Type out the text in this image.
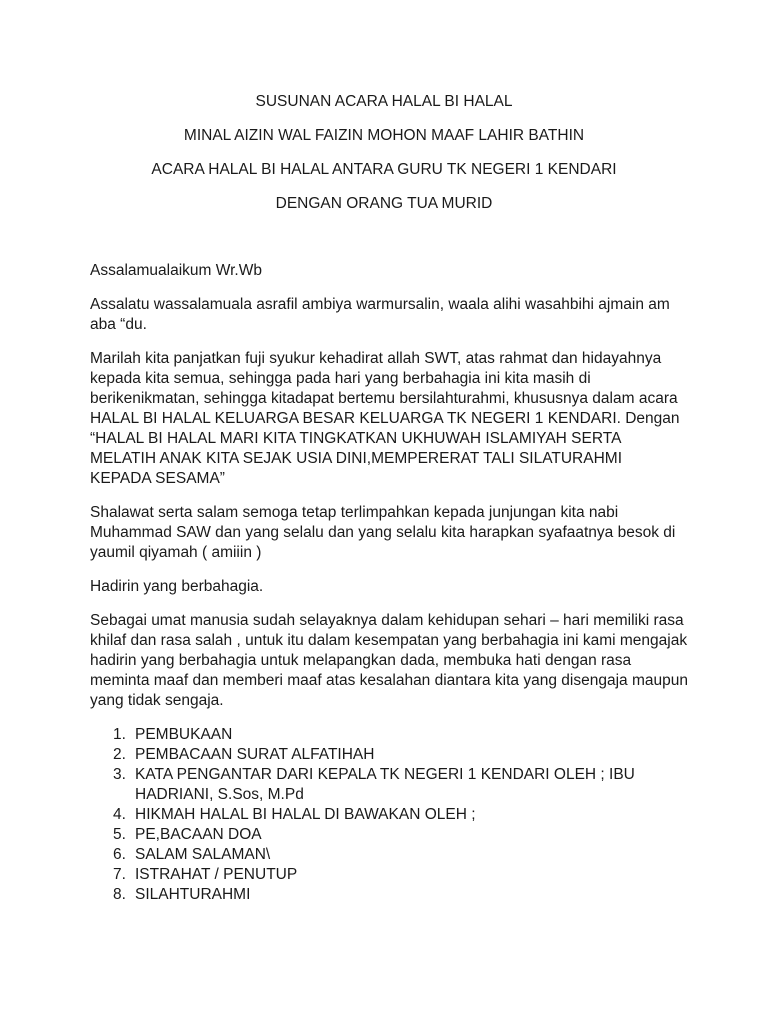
SUSUNAN ACARA HALAL BI HALAL
MINAL AIZIN WAL FAIZIN MOHON MAAF LAHIR BATHIN
ACARA HALAL BI HALAL ANTARA GURU TK NEGERI 1 KENDARI
DENGAN ORANG TUA MURID
Assalamualaikum Wr.Wb
Assalatu wassalamuala asrafil ambiya warmursalin, waala alihi wasahbihi ajmain am
aba “du.
Marilah kita panjatkan fuji syukur kehadirat allah SWT, atas rahmat dan hidayahnya
kepada kita semua, sehingga pada hari yang berbahagia ini kita masih di
berikenikmatan, sehingga kitadapat bertemu bersilahturahmi, khususnya dalam acara
HALAL BI HALAL KELUARGA BESAR KELUARGA TK NEGERI 1 KENDARI. Dengan
“HALAL BI HALAL MARI KITA TINGKATKAN UKHUWAH ISLAMIYAH SERTA
MELATIH ANAK KITA SEJAK USIA DINI,MEMPERERAT TALI SILATURAHMI
KEPADA SESAMA”
Shalawat serta salam semoga tetap terlimpahkan kepada junjungan kita nabi
Muhammad SAW dan yang selalu dan yang selalu kita harapkan syafaatnya besok di
yaumil qiyamah ( amiiin )
Hadirin yang berbahagia.
Sebagai umat manusia sudah selayaknya dalam kehidupan sehari – hari memiliki rasa
khilaf dan rasa salah , untuk itu dalam kesempatan yang berbahagia ini kami mengajak
hadirin yang berbahagia untuk melapangkan dada, membuka hati dengan rasa
meminta maaf dan memberi maaf atas kesalahan diantara kita yang disengaja maupun
yang tidak sengaja.
1. PEMBUKAAN
2. PEMBACAAN SURAT ALFATIHAH
3. KATA PENGANTAR DARI KEPALA TK NEGERI 1 KENDARI OLEH ; IBU
HADRIANI, S.Sos, M.Pd
4. HIKMAH HALAL BI HALAL DI BAWAKAN OLEH ;
5. PE,BACAAN DOA
6. SALAM SALAMAN\
7. ISTRAHAT / PENUTUP
8. SILAHTURAHMI
